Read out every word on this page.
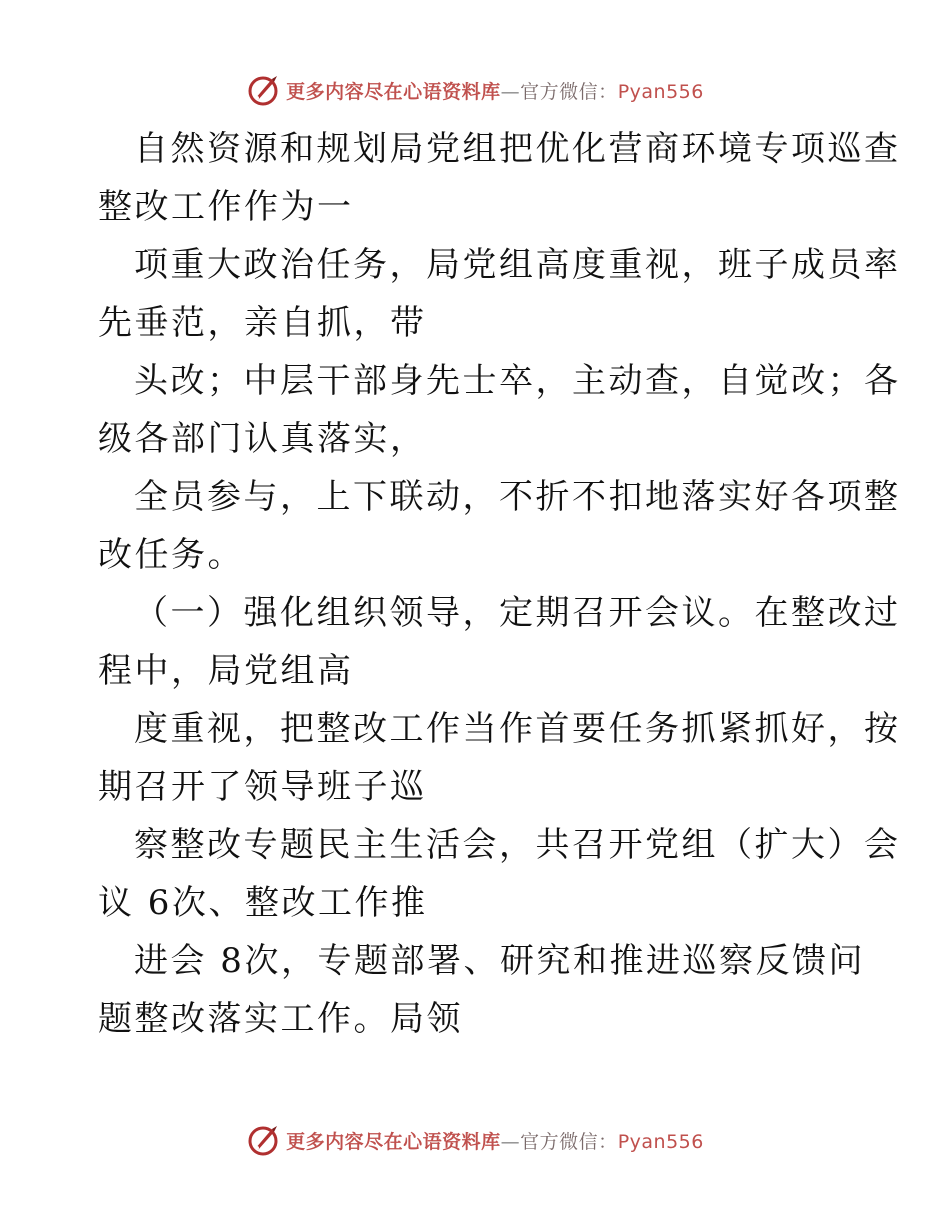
更多内容尽在心语资料库—官方微信：Pyan556
自然资源和规划局党组把优化营商环境专项巡查
整改工作作为一
项重大政治任务，局党组高度重视，班子成员率
先垂范，亲自抓，带
头改；中层干部身先士卒，主动查，自觉改；各
级各部门认真落实，
全员参与，上下联动，不折不扣地落实好各项整
改任务。
（一）强化组织领导，定期召开会议。在整改过
程中，局党组高
度重视，把整改工作当作首要任务抓紧抓好，按
期召开了领导班子巡
察整改专题民主生活会，共召开党组（扩大）会
议 6次、整改工作推
进会 8次，专题部署、研究和推进巡察反馈问
题整改落实工作。局领
更多内容尽在心语资料库—官方微信：Pyan556
